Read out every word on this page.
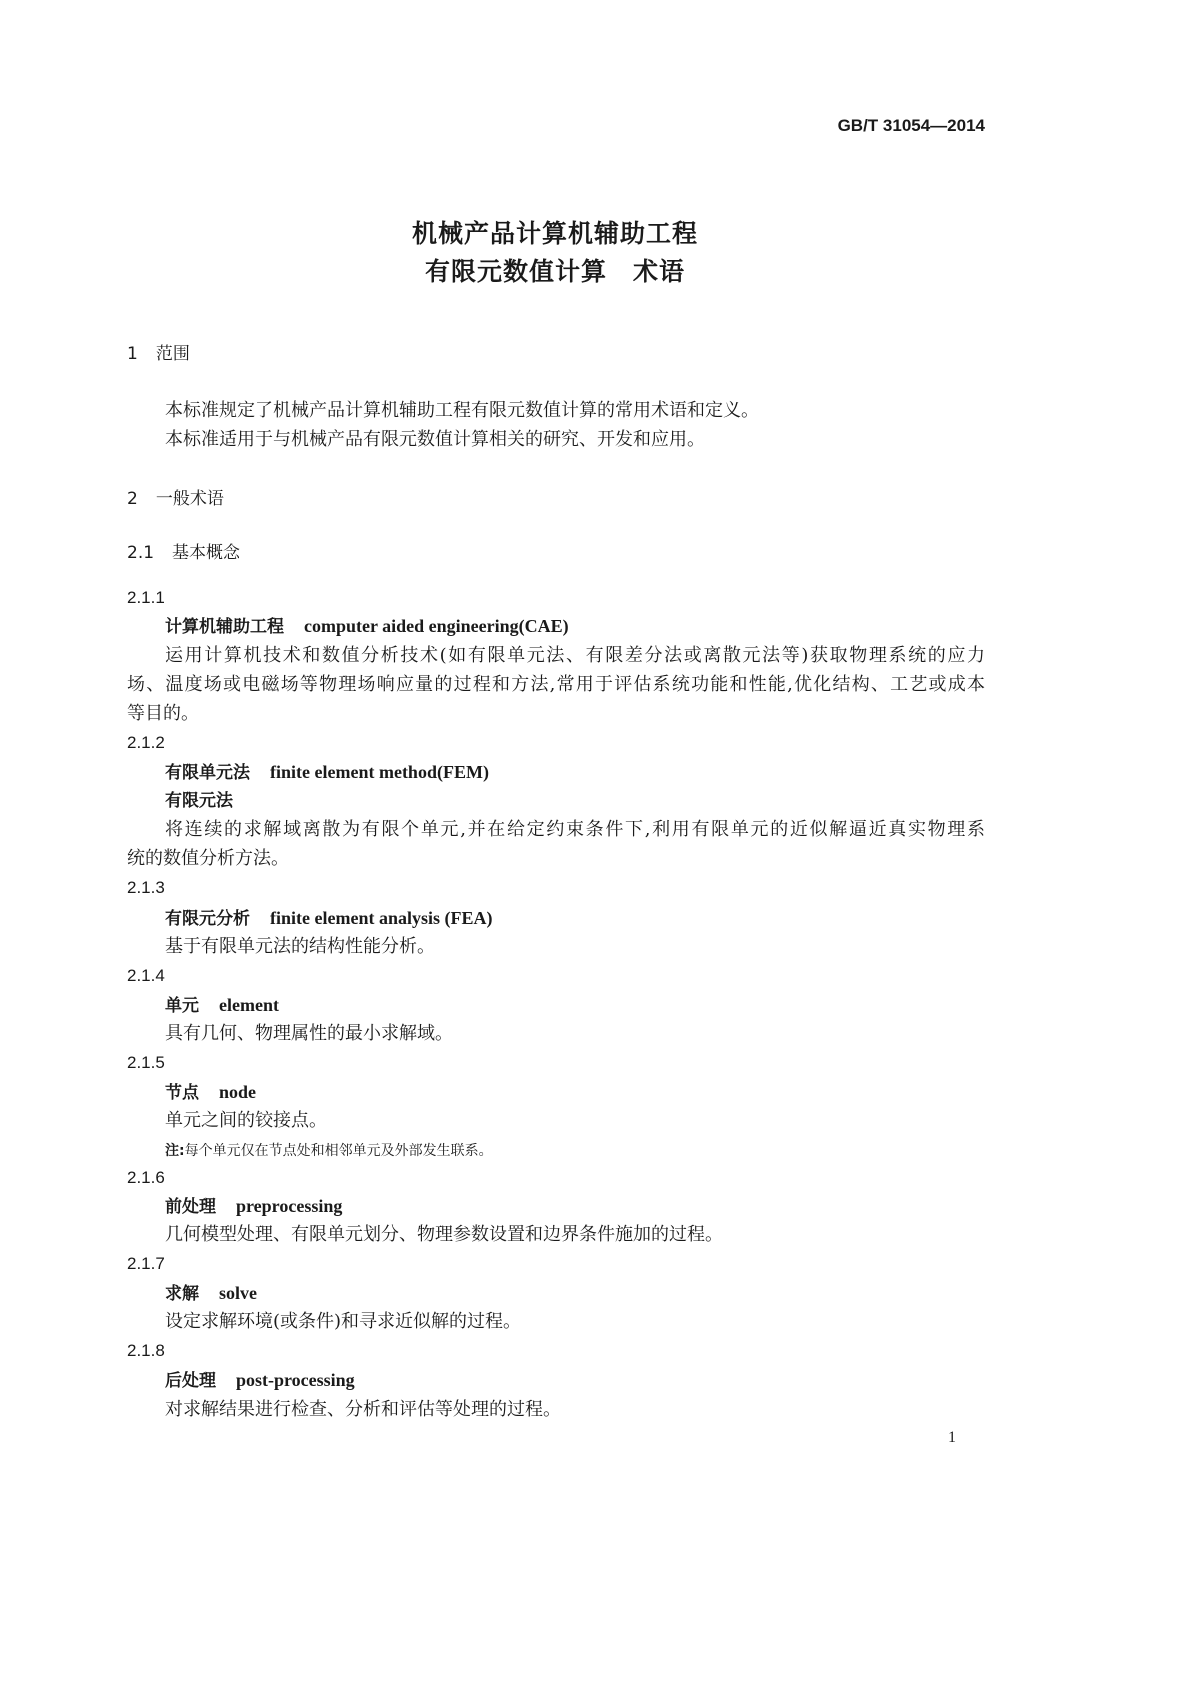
GB/T 31054—2014
机械产品计算机辅助工程
有限元数值计算　术语
1 范围
本标准规定了机械产品计算机辅助工程有限元数值计算的常用术语和定义。
本标准适用于与机械产品有限元数值计算相关的研究、开发和应用。
2 一般术语
2.1 基本概念
2.1.1
计算机辅助工程 computer aided engineering(CAE)
运用计算机技术和数值分析技术(如有限单元法、有限差分法或离散元法等)获取物理系统的应力
场、温度场或电磁场等物理场响应量的过程和方法,常用于评估系统功能和性能,优化结构、工艺或成本
等目的。
2.1.2
有限单元法 finite element method(FEM)
有限元法
将连续的求解域离散为有限个单元,并在给定约束条件下,利用有限单元的近似解逼近真实物理系
统的数值分析方法。
2.1.3
有限元分析 finite element analysis (FEA)
基于有限单元法的结构性能分析。
2.1.4
单元 element
具有几何、物理属性的最小求解域。
2.1.5
节点 node
单元之间的铰接点。
注:每个单元仅在节点处和相邻单元及外部发生联系。
2.1.6
前处理 preprocessing
几何模型处理、有限单元划分、物理参数设置和边界条件施加的过程。
2.1.7
求解 solve
设定求解环境(或条件)和寻求近似解的过程。
2.1.8
后处理 post-processing
对求解结果进行检查、分析和评估等处理的过程。
1
